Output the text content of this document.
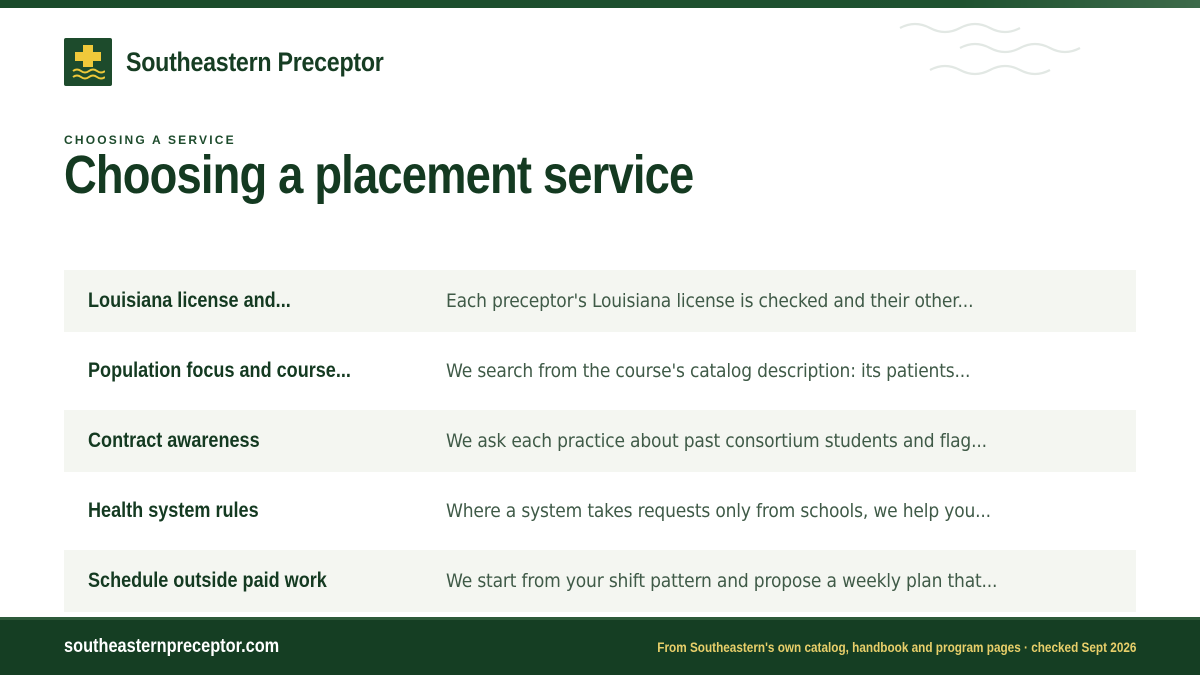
Southeastern Preceptor
CHOOSING A SERVICE
Choosing a placement service
Louisiana license and...	Each preceptor's Louisiana license is checked and their other...
Population focus and course...	We search from the course's catalog description: its patients...
Contract awareness	We ask each practice about past consortium students and flag...
Health system rules	Where a system takes requests only from schools, we help you...
Schedule outside paid work	We start from your shift pattern and propose a weekly plan that...
southeasternpreceptor.com	From Southeastern's own catalog, handbook and program pages · checked Sept 2026
